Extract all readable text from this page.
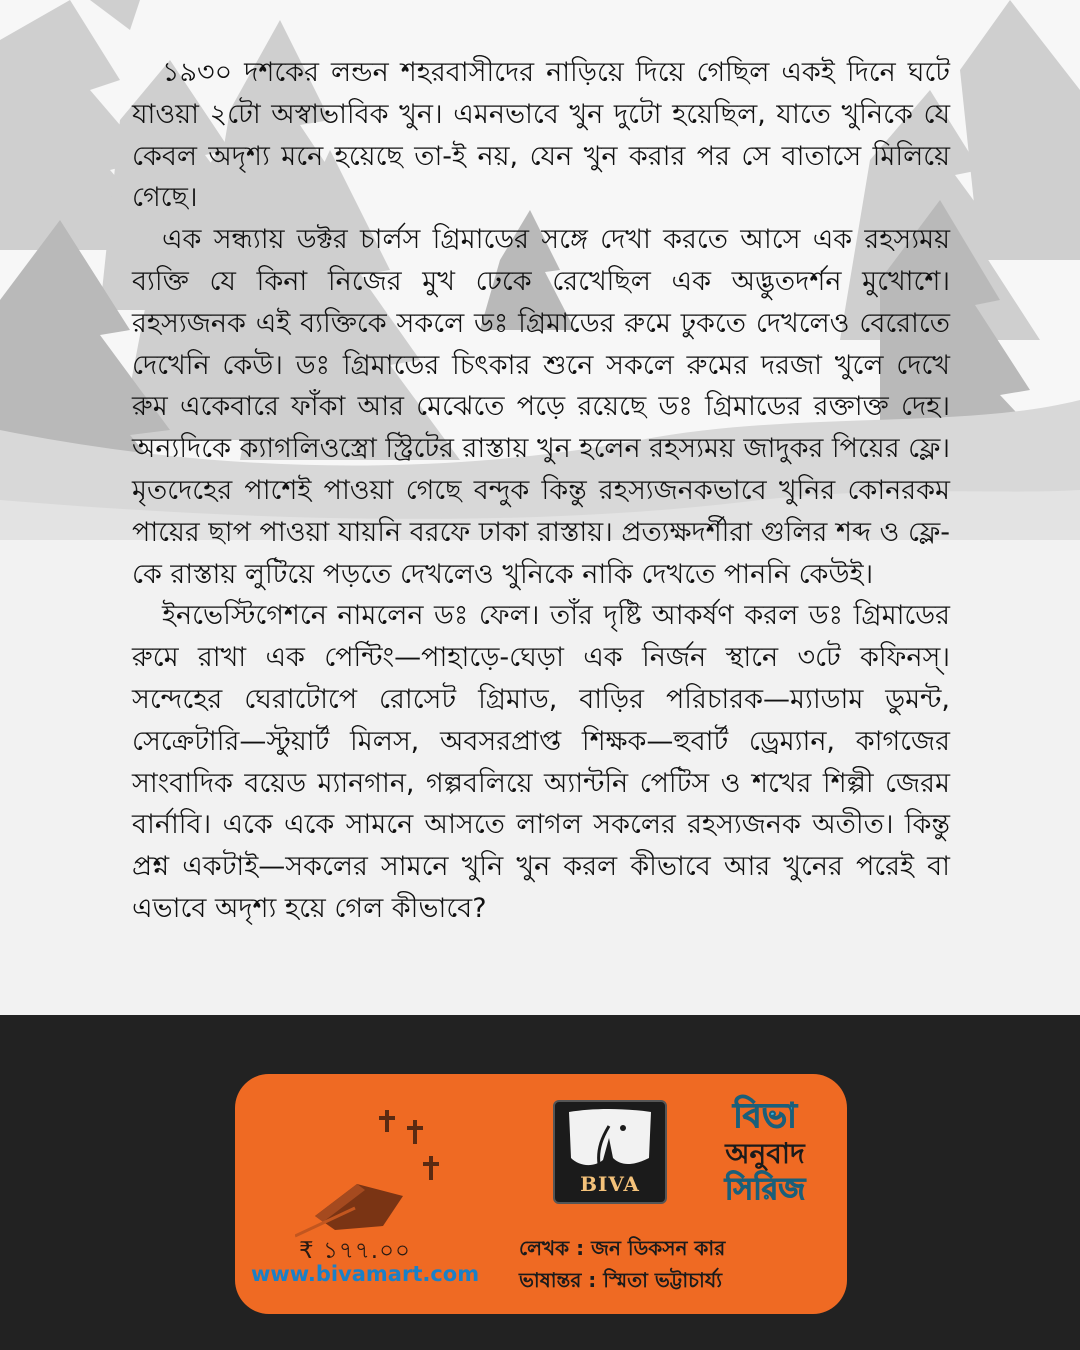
১৯৩০ দশকের লন্ডন শহরবাসীদের নাড়িয়ে দিয়ে গেছিল একই দিনে ঘটে যাওয়া ২টো অস্বাভাবিক খুন। এমনভাবে খুন দুটো হয়েছিল, যাতে খুনিকে যে কেবল অদৃশ্য মনে হয়েছে তা-ই নয়, যেন খুন করার পর সে বাতাসে মিলিয়ে গেছে।

এক সন্ধ্যায় ডক্টর চার্লস গ্রিমাডের সঙ্গে দেখা করতে আসে এক রহস্যময় ব্যক্তি যে কিনা নিজের মুখ ঢেকে রেখেছিল এক অদ্ভুতদর্শন মুখোশে। রহস্যজনক এই ব্যক্তিকে সকলে ডঃ গ্রিমাডের রুমে ঢুকতে দেখলেও বেরোতে দেখেনি কেউ। ডঃ গ্রিমাডের চিৎকার শুনে সকলে রুমের দরজা খুলে দেখে রুম একেবারে ফাঁকা আর মেঝেতে পড়ে রয়েছে ডঃ গ্রিমাডের রক্তাক্ত দেহ। অন্যদিকে ক্যাগলিওস্ত্রো স্ট্রিটের রাস্তায় খুন হলেন রহস্যময় জাদুকর পিয়ের ফ্লে। মৃতদেহের পাশেই পাওয়া গেছে বন্দুক কিন্তু রহস্যজনকভাবে খুনির কোনরকম পায়ের ছাপ পাওয়া যায়নি বরফে ঢাকা রাস্তায়। প্রত্যক্ষদর্শীরা গুলির শব্দ ও ফ্লে-কে রাস্তায় লুটিয়ে পড়তে দেখলেও খুনিকে নাকি দেখতে পাননি কেউই।

ইনভেস্টিগেশনে নামলেন ডঃ ফেল। তাঁর দৃষ্টি আকর্ষণ করল ডঃ গ্রিমাডের রুমে রাখা এক পেন্টিং—পাহাড়ে-ঘেড়া এক নির্জন স্থানে ৩টে কফিনস্। সন্দেহের ঘেরাটোপে রোসেট গ্রিমাড, বাড়ির পরিচারক—ম্যাডাম ডুমন্ট, সেক্রেটারি—স্টুয়ার্ট মিলস, অবসরপ্রাপ্ত শিক্ষক—হুবার্ট ড্রেম্যান, কাগজের সাংবাদিক বয়েড ম্যানগান, গল্পবলিয়ে অ্যান্টনি পেটিস ও শখের শিল্পী জেরম বার্নাবি। একে একে সামনে আসতে লাগল সকলের রহস্যজনক অতীত। কিন্তু প্রশ্ন একটাই—সকলের সামনে খুনি খুন করল কীভাবে আর খুনের পরেই বা এভাবে অদৃশ্য হয়ে গেল কীভাবে?

₹ ১৭৭.০০
www.bivamart.com
BIVA
বিভা
অনুবাদ
সিরিজ
লেখক : জন ডিকসন কার
ভাষান্তর : স্মিতা ভট্টাচার্য্য
